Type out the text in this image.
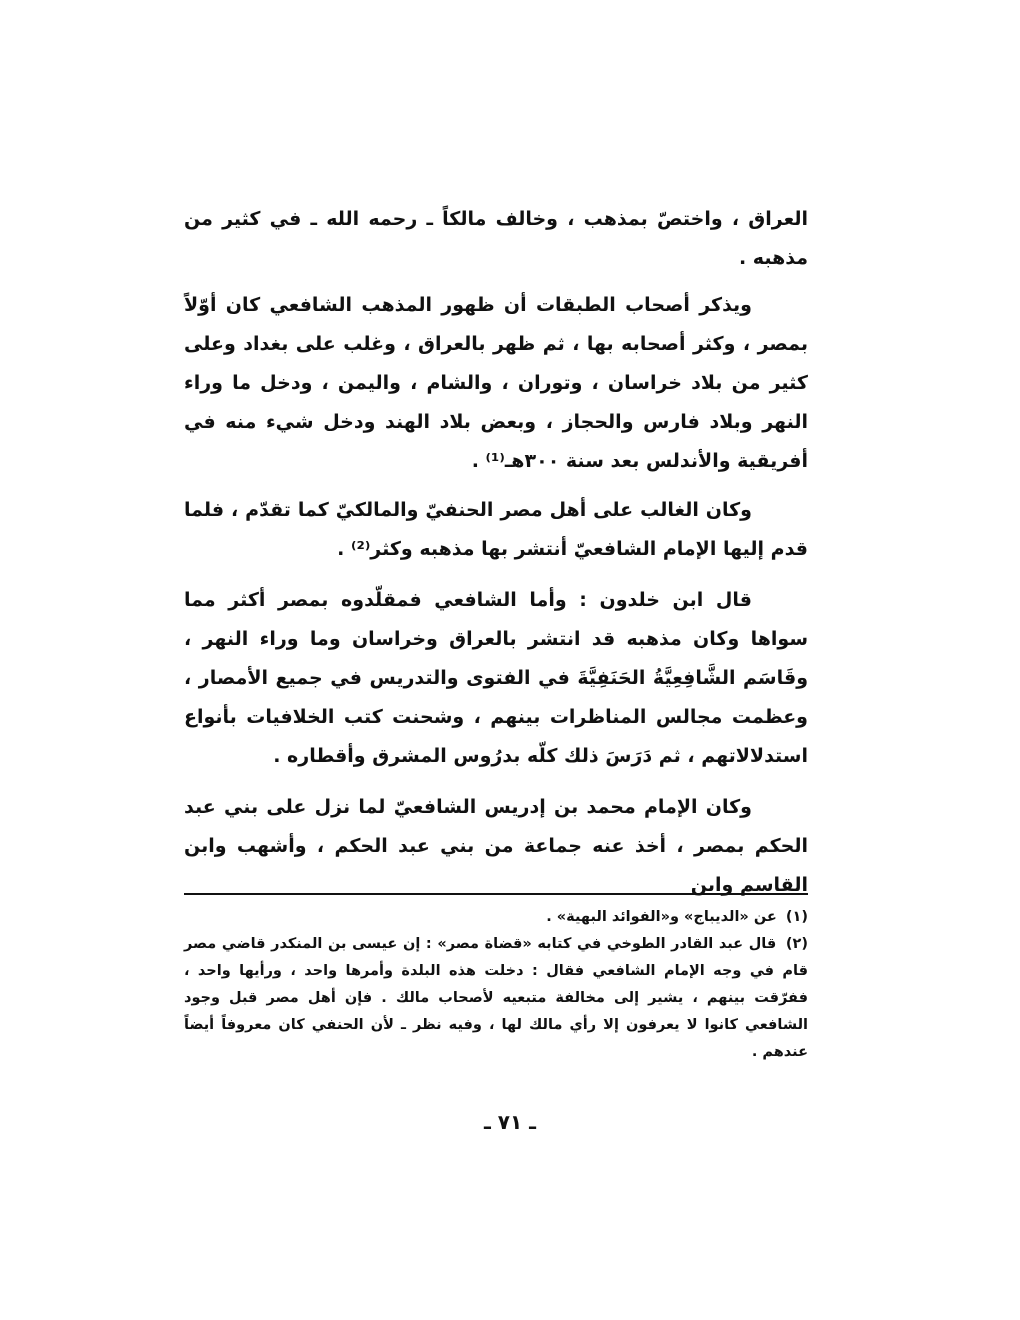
العراق ، واختصّ بمذهب ، وخالف مالكاً ـ رحمه الله ـ في كثير من مذهبه .

ويذكر أصحاب الطبقات أن ظهور المذهب الشافعي كان أوّلاً بمصر ، وكثر أصحابه بها ، ثم ظهر بالعراق ، وغلب على بغداد وعلى كثير من بلاد خراسان ، وتوران ، والشام ، واليمن ، ودخل ما وراء النهر وبلاد فارس والحجاز ، وبعض بلاد الهند ودخل شيء منه في أفريقية والأندلس بعد سنة ٣٠٠هـ⁽¹⁾ .

وكان الغالب على أهل مصر الحنفيّ والمالكيّ كما تقدّم ، فلما قدم إليها الإمام الشافعيّ أنتشر بها مذهبه وكثر⁽²⁾ .

قال ابن خلدون : وأما الشافعي فمقلّدوه بمصر أكثر مما سواها وكان مذهبه قد انتشر بالعراق وخراسان وما وراء النهر ، وقَاسَم الشَّافِعِيَّةُ الحَنَفِيَّةَ في الفتوى والتدريس في جميع الأمصار ، وعظمت مجالس المناظرات بينهم ، وشحنت كتب الخلافيات بأنواع استدلالاتهم ، ثم دَرَسَ ذلك كلّه بدرُوس المشرق وأقطاره .

وكان الإمام محمد بن إدريس الشافعيّ لما نزل على بني عبد الحكم بمصر ، أخذ عنه جماعة من بني عبد الحكم ، وأشهب وابن القاسم وابن

(١) عن «الديباج» و«الفوائد البهية» .

(٢) قال عبد القادر الطوخي في كتابه «قضاة مصر» : إن عيسى بن المنكدر قاضي مصر قام في وجه الإمام الشافعي فقال : دخلت هذه البلدة وأمرها واحد ، ورأيها واحد ، ففرّقت بينهم ، يشير إلى مخالفة متبعيه لأصحاب مالك . فإن أهل مصر قبل وجود الشافعي كانوا لا يعرفون إلا رأي مالك لها ، وفيه نظر ـ لأن الحنفي كان معروفاً أيضاً عندهم .

ـ ٧١ ـ
